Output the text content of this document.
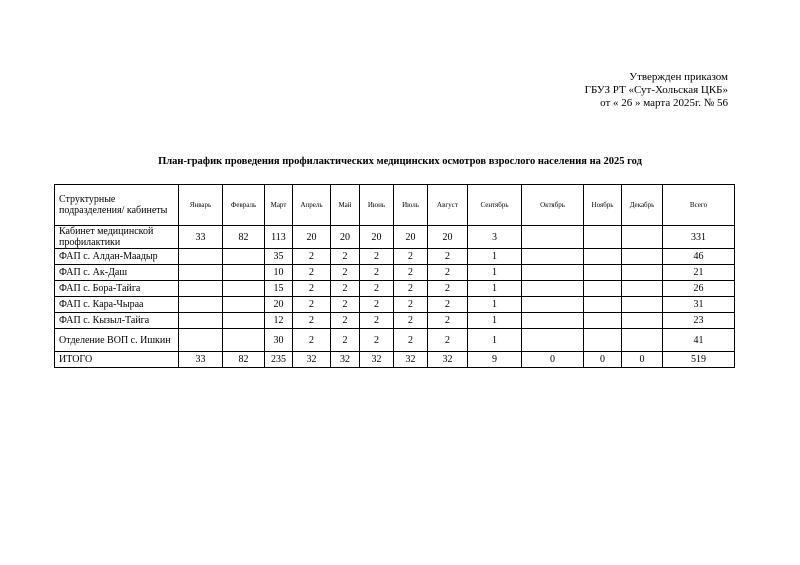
Утвержден приказом
ГБУЗ РТ «Сут-Хольская ЦКБ»
от « 26 » марта 2025г. № 56
План-график проведения профилактических медицинских осмотров взрослого населения на 2025 год
Структурные подразделения/ кабинеты	Январь	Февраль	Март	Апрель	Май	Июнь	Июль	Август	Сентябрь	Октябрь	Ноябрь	Декабрь	Всего
Кабинет медицинской профилактики	33	82	113	20	20	20	20	20	3				331
ФАП с. Алдан-Маадыр			35	2	2	2	2	2	1				46
ФАП с. Ак-Даш			10	2	2	2	2	2	1				21
ФАП с. Бора-Тайга			15	2	2	2	2	2	1				26
ФАП с. Кара-Чыраа			20	2	2	2	2	2	1				31
ФАП с. Кызыл-Тайга			12	2	2	2	2	2	1				23
Отделение ВОП с. Ишкин			30	2	2	2	2	2	1				41
ИТОГО	33	82	235	32	32	32	32	32	9	0	0	0	519
